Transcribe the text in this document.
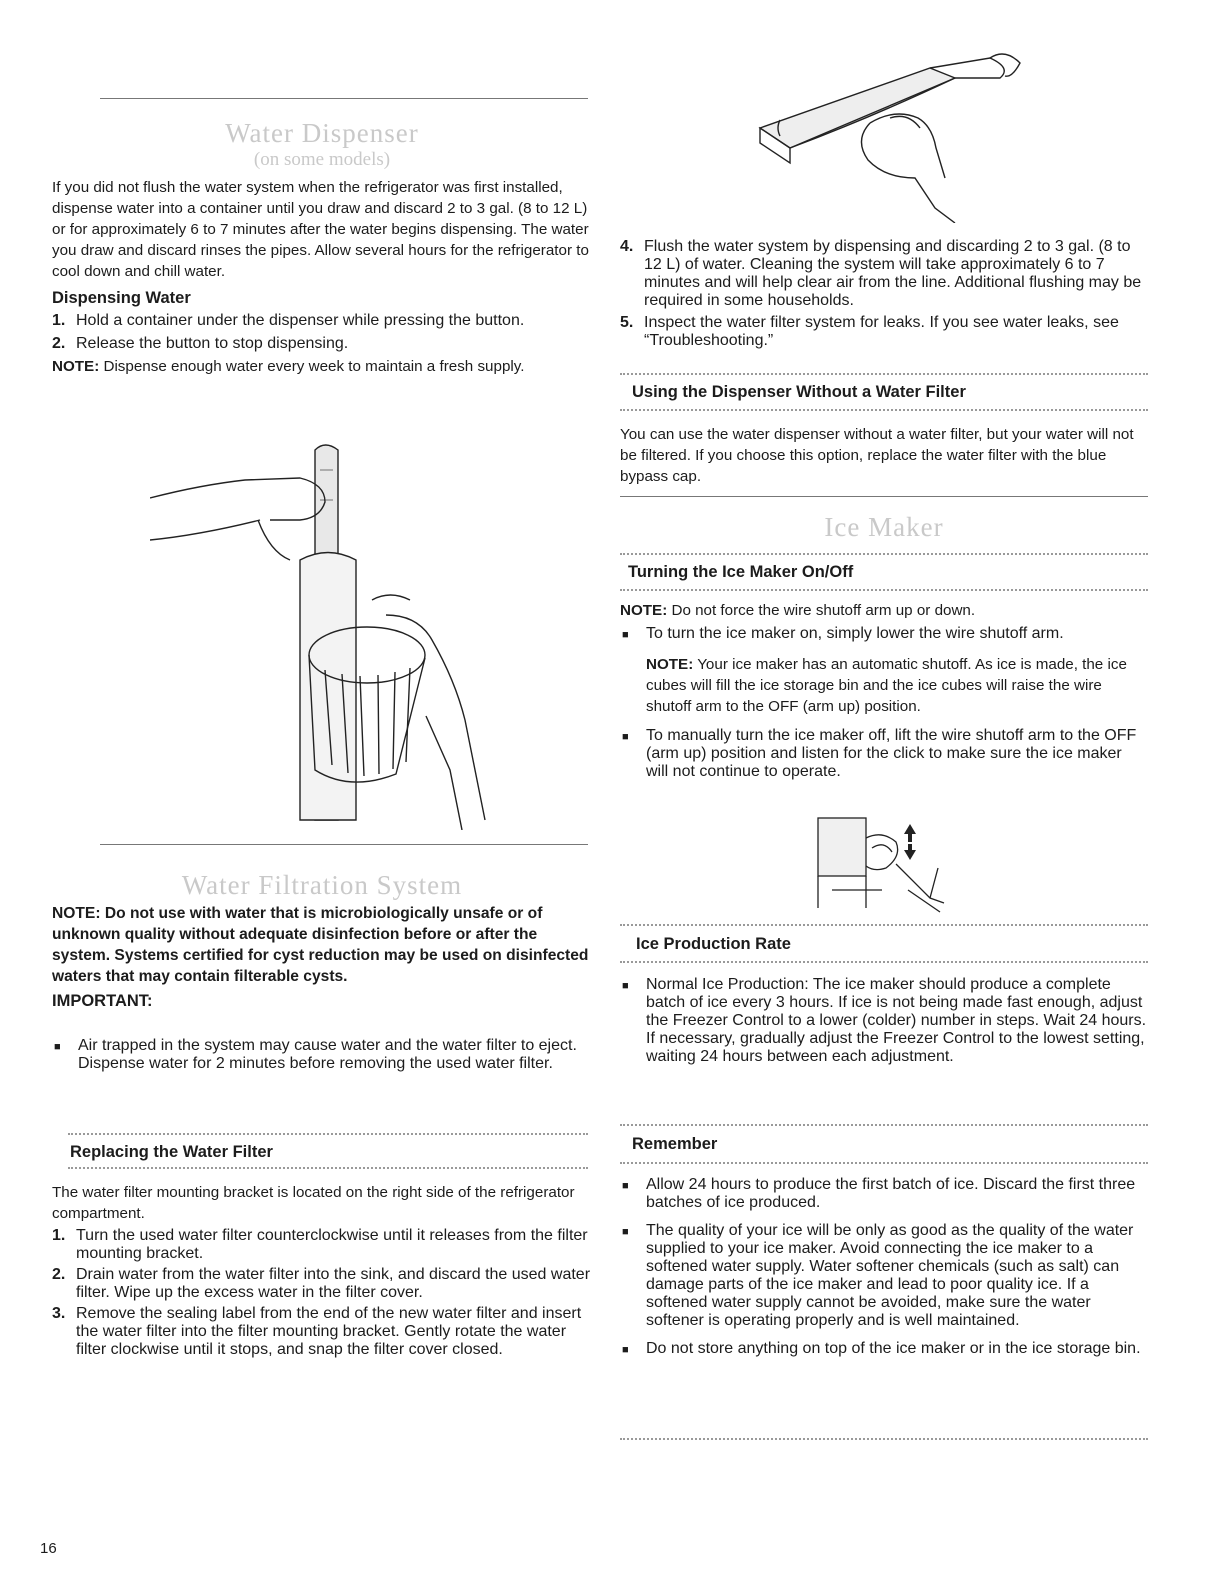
Water Dispenser
(on some models)

If you did not flush the water system when the refrigerator was first installed, dispense water into a container until you draw and discard 2 to 3 gal. (8 to 12 L) or for approximately 6 to 7 minutes after the water begins dispensing. The water you draw and discard rinses the pipes. Allow several hours for the refrigerator to cool down and chill water.

Dispensing Water
1. Hold a container under the dispenser while pressing the button.
2. Release the button to stop dispensing.

NOTE: Dispense enough water every week to maintain a fresh supply.

Water Filtration System

NOTE: Do not use with water that is microbiologically unsafe or of unknown quality without adequate disinfection before or after the system. Systems certified for cyst reduction may be used on disinfected waters that may contain filterable cysts.

IMPORTANT:
■	Air trapped in the system may cause water and the water filter to eject. Dispense water for 2 minutes before removing the used water filter.
Replacing the Water Filter

The water filter mounting bracket is located on the right side of the refrigerator compartment.

1. Turn the used water filter counterclockwise until it releases from the filter mounting bracket.
2. Drain water from the water filter into the sink, and discard the used water filter. Wipe up the excess water in the filter cover.
3. Remove the sealing label from the end of the new water filter and insert the water filter into the filter mounting bracket. Gently rotate the water filter clockwise until it stops, and snap the filter cover closed.
4. Flush the water system by dispensing and discarding 2 to 3 gal. (8 to 12 L) of water. Cleaning the system will take approximately 6 to 7 minutes and will help clear air from the line. Additional flushing may be required in some households.
5. Inspect the water filter system for leaks. If you see water leaks, see “Troubleshooting.”
Using the Dispenser Without a Water Filter

You can use the water dispenser without a water filter, but your water will not be filtered. If you choose this option, replace the water filter with the blue bypass cap.

Ice Maker
Turning the Ice Maker On/Off

NOTE: Do not force the wire shutoff arm up or down.

■	To turn the ice maker on, simply lower the wire shutoff arm.

NOTE: Your ice maker has an automatic shutoff. As ice is made, the ice cubes will fill the ice storage bin and the ice cubes will raise the wire shutoff arm to the OFF (arm up) position.

■	To manually turn the ice maker off, lift the wire shutoff arm to the OFF (arm up) position and listen for the click to make sure the ice maker will not continue to operate.
Ice Production Rate
■	Normal Ice Production: The ice maker should produce a complete batch of ice every 3 hours. If ice is not being made fast enough, adjust the Freezer Control to a lower (colder) number in steps. Wait 24 hours. If necessary, gradually adjust the Freezer Control to the lowest setting, waiting 24 hours between each adjustment.
Remember
■	Allow 24 hours to produce the first batch of ice. Discard the first three batches of ice produced.
■	The quality of your ice will be only as good as the quality of the water supplied to your ice maker. Avoid connecting the ice maker to a softened water supply. Water softener chemicals (such as salt) can damage parts of the ice maker and lead to poor quality ice. If a softened water supply cannot be avoided, make sure the water softener is operating properly and is well maintained.
■	Do not store anything on top of the ice maker or in the ice storage bin.
16
